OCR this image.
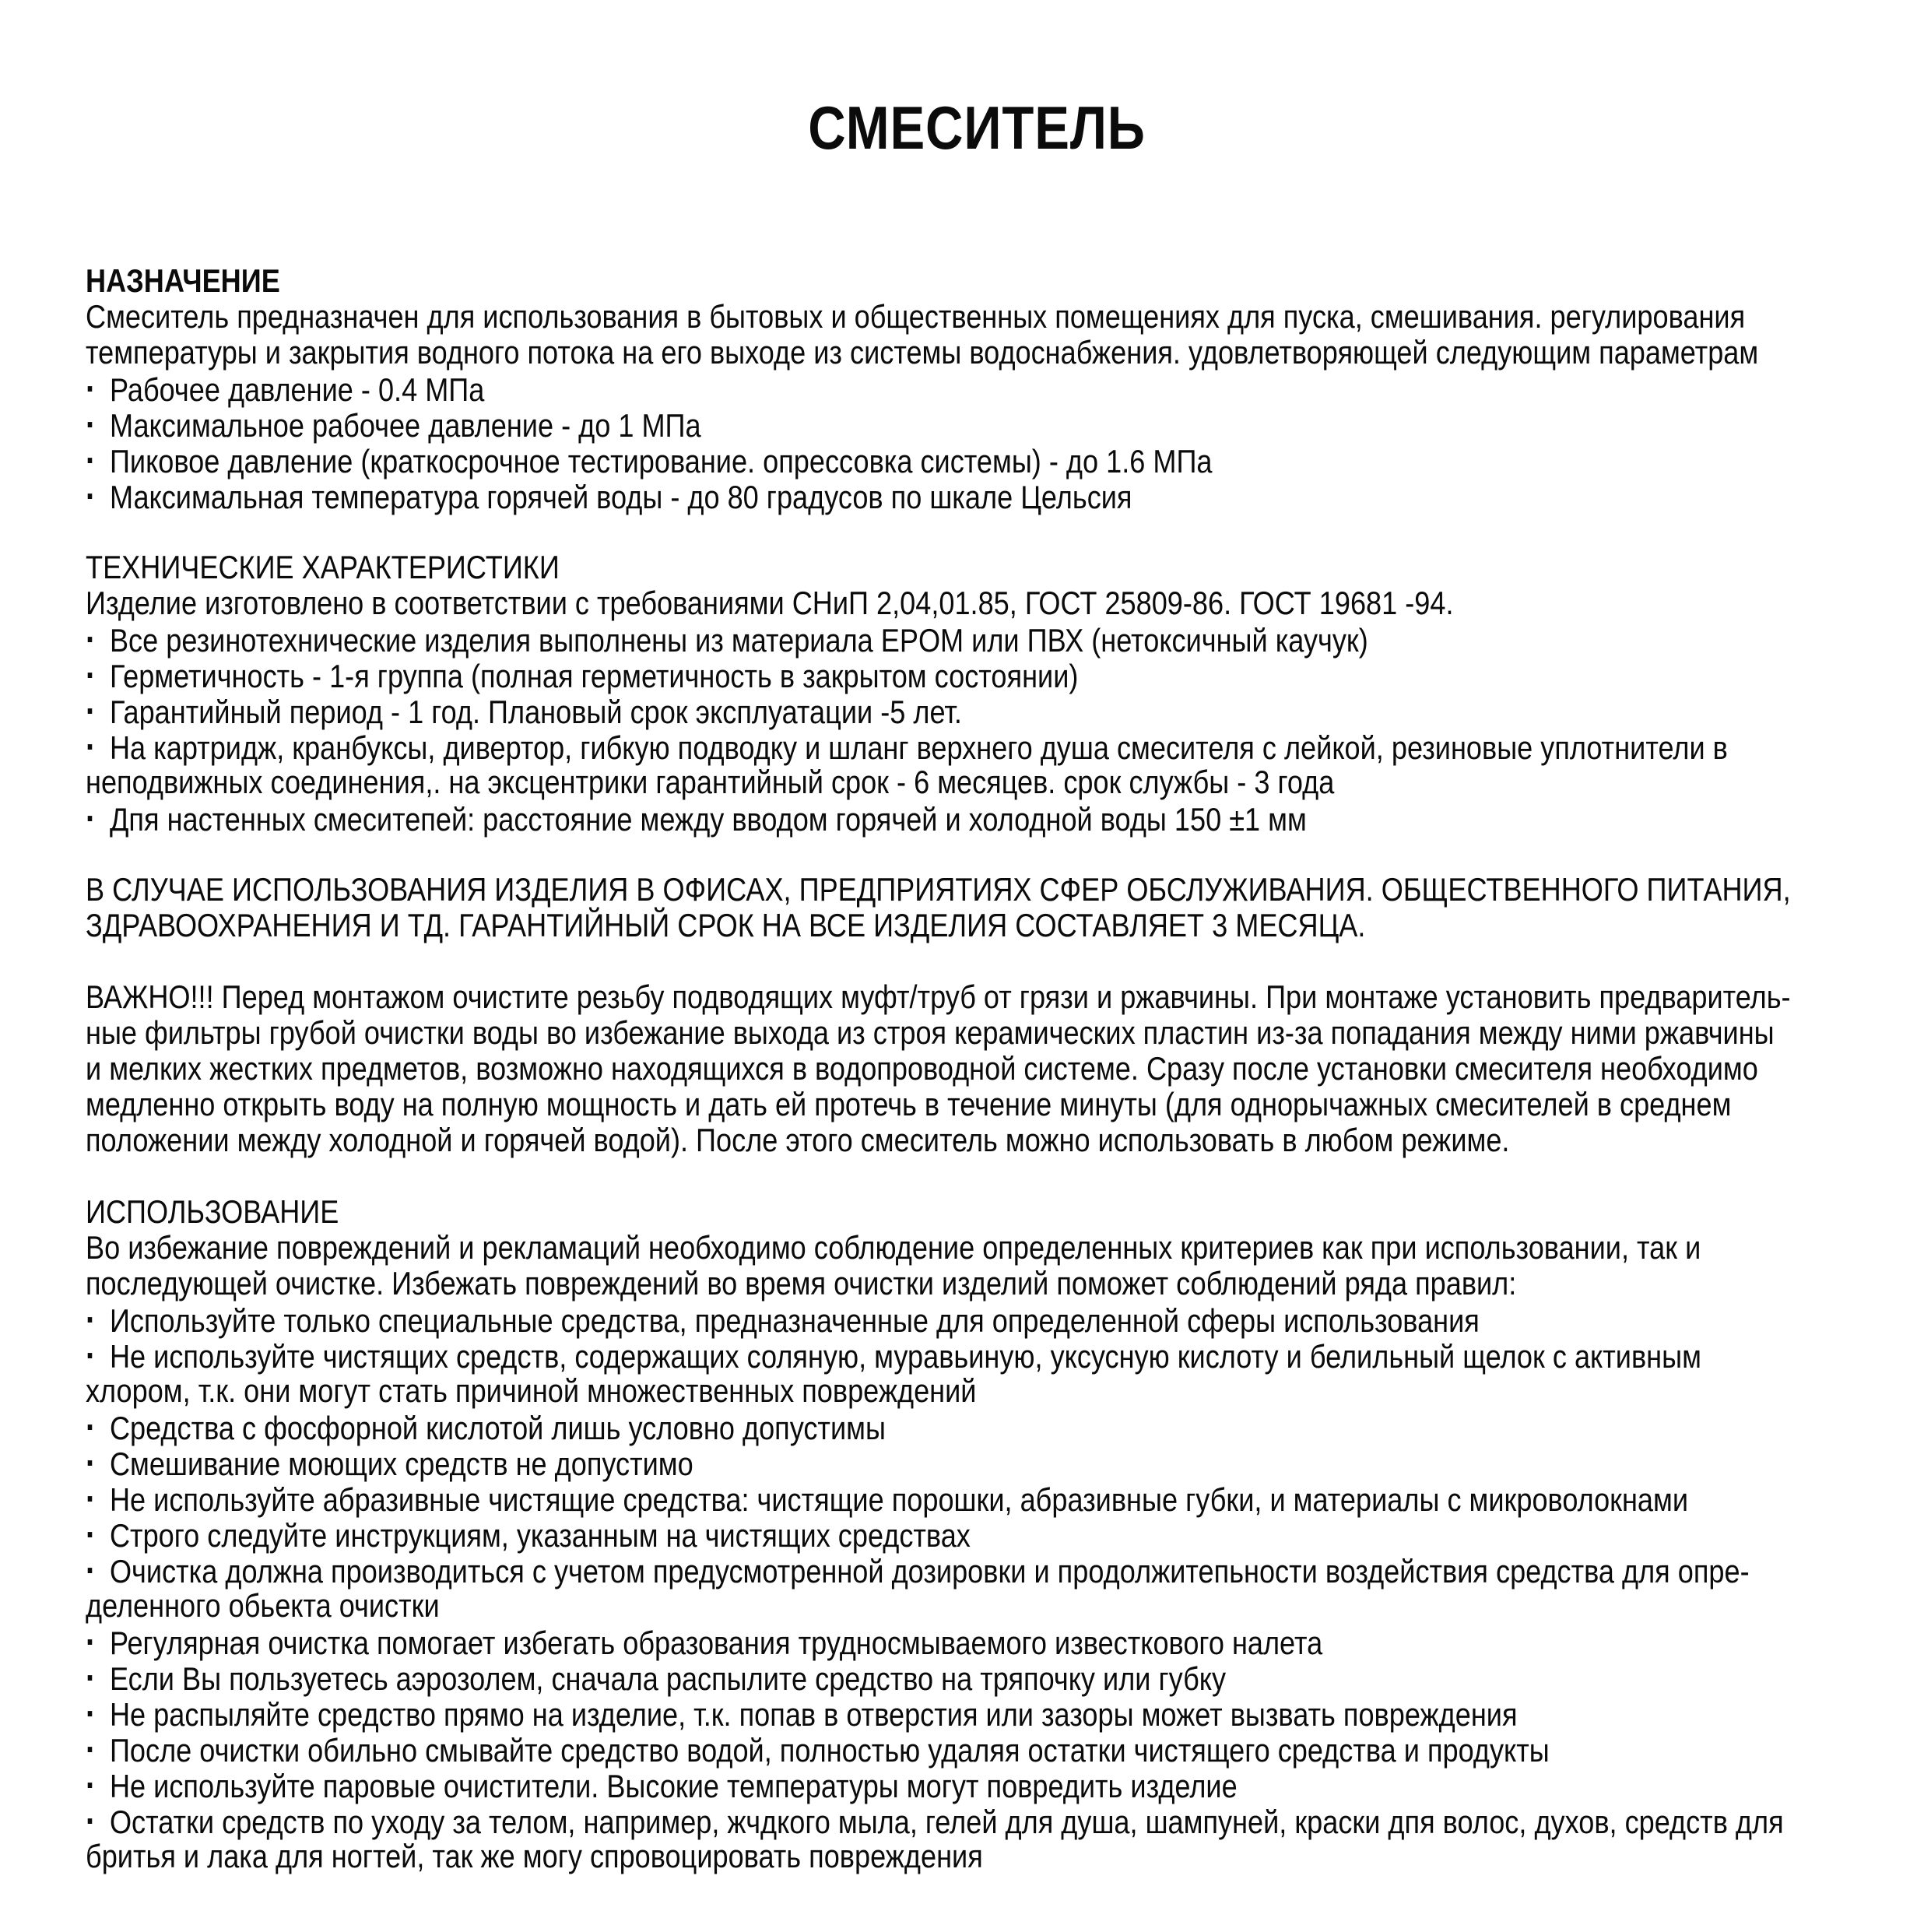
СМЕСИТЕЛЬ
НАЗНАЧЕНИЕ
Смеситель предназначен для использования в бытовых и общественных помещениях для пуска, смешивания. регулирования
температуры и закрытия водного потока на его выходе из системы водоснабжения. удовлетворяющей следующим параметрам
· Рабочее давление - 0.4 МПа
· Максимальное рабочее давление - до 1 МПа
· Пиковое давление (краткосрочное тестирование. опрессовка системы) - до 1.6 МПа
· Максимальная температура горячей воды - до 80 градусов по шкале Цельсия
ТЕХНИЧЕСКИЕ ХАРАКТЕРИСТИКИ
Изделие изготовлено в соответствии с требованиями СНиП 2,04,01.85, ГОСТ 25809-86. ГОСТ 19681 -94.
· Все резинотехнические изделия выполнены из материала EPOM или ПВХ (нетоксичный каучук)
· Герметичность - 1-я группа (полная герметичность в закрытом состоянии)
· Гарантийный период - 1 год. Плановый срок эксплуатации -5 лет.
· На картридж, кранбуксы, дивертор, гибкую подводку и шланг верхнего душа смесителя с лейкой, резиновые уплотнители в
неподвижных соединения,. на эксцентрики гарантийный срок - 6 месяцев. срок службы - 3 года
· Дпя настенных смеситепей: расстояние между вводом горячей и холодной воды 150 ±1 мм
В СЛУЧАЕ ИСПОЛЬЗОВАНИЯ ИЗДЕЛИЯ В ОФИСАХ, ПРЕДПРИЯТИЯХ СФЕР ОБСЛУЖИВАНИЯ. ОБЩЕСТВЕННОГО ПИТАНИЯ,
ЗДРАВООХРАНЕНИЯ И ТД. ГАРАНТИЙНЫЙ СРОК НА ВСЕ ИЗДЕЛИЯ СОСТАВЛЯЕТ 3 МЕСЯЦА.
ВАЖНО!!! Перед монтажом очистите резьбу подводящих муфт/труб от грязи и ржавчины. При монтаже установить предваритель-
ные фильтры грубой очистки воды во избежание выхода из строя керамических пластин из-за попадания между ними ржавчины
и мелких жестких предметов, возможно находящихся в водопроводной системе. Сразу после установки смесителя необходимо
медленно открыть воду на полную мощность и дать ей протечь в течение минуты (для однорычажных смесителей в среднем
положении между холодной и горячей водой). После этого смеситель можно использовать в любом режиме.
ИСПОЛЬЗОВАНИЕ
Во избежание повреждений и рекламаций необходимо соблюдение определенных критериев как при использовании, так и
последующей очистке. Избежать повреждений во время очистки изделий поможет соблюдений ряда правил:
· Используйте только специальные средства, предназначенные для определенной сферы использования
· Не используйте чистящих средств, содержащих соляную, муравьиную, уксусную кислоту и белильный щелок с активным
хлором, т.к. они могут стать причиной множественных повреждений
· Средства с фосфорной кислотой лишь условно допустимы
· Смешивание моющих средств не допустимо
· Не используйте абразивные чистящие средства: чистящие порошки, абразивные губки, и материалы с микроволокнами
· Строго следуйте инструкциям, указанным на чистящих средствах
· Очистка должна производиться с учетом предусмотренной дозировки и продолжитепьности воздействия средства для опре-
деленного обьекта очистки
· Регулярная очистка помогает избегать образования трудносмываемого известкового налета
· Если Вы пользуетесь аэрозолем, сначала распылите средство на тряпочку или губку
· Не распыляйте средство прямо на изделие, т.к. попав в отверстия или зазоры может вызвать повреждения
· После очистки обильно смывайте средство водой, полностью удаляя остатки чистящего средства и продукты
· Не используйте паровые очистители. Высокие температуры могут повредить изделие
· Остатки средств по уходу за телом, например, жчдкого мыла, гелей для душа, шампуней, краски дпя волос, духов, средств для
бритья и лака для ногтей, так же могу спровоцировать повреждения
